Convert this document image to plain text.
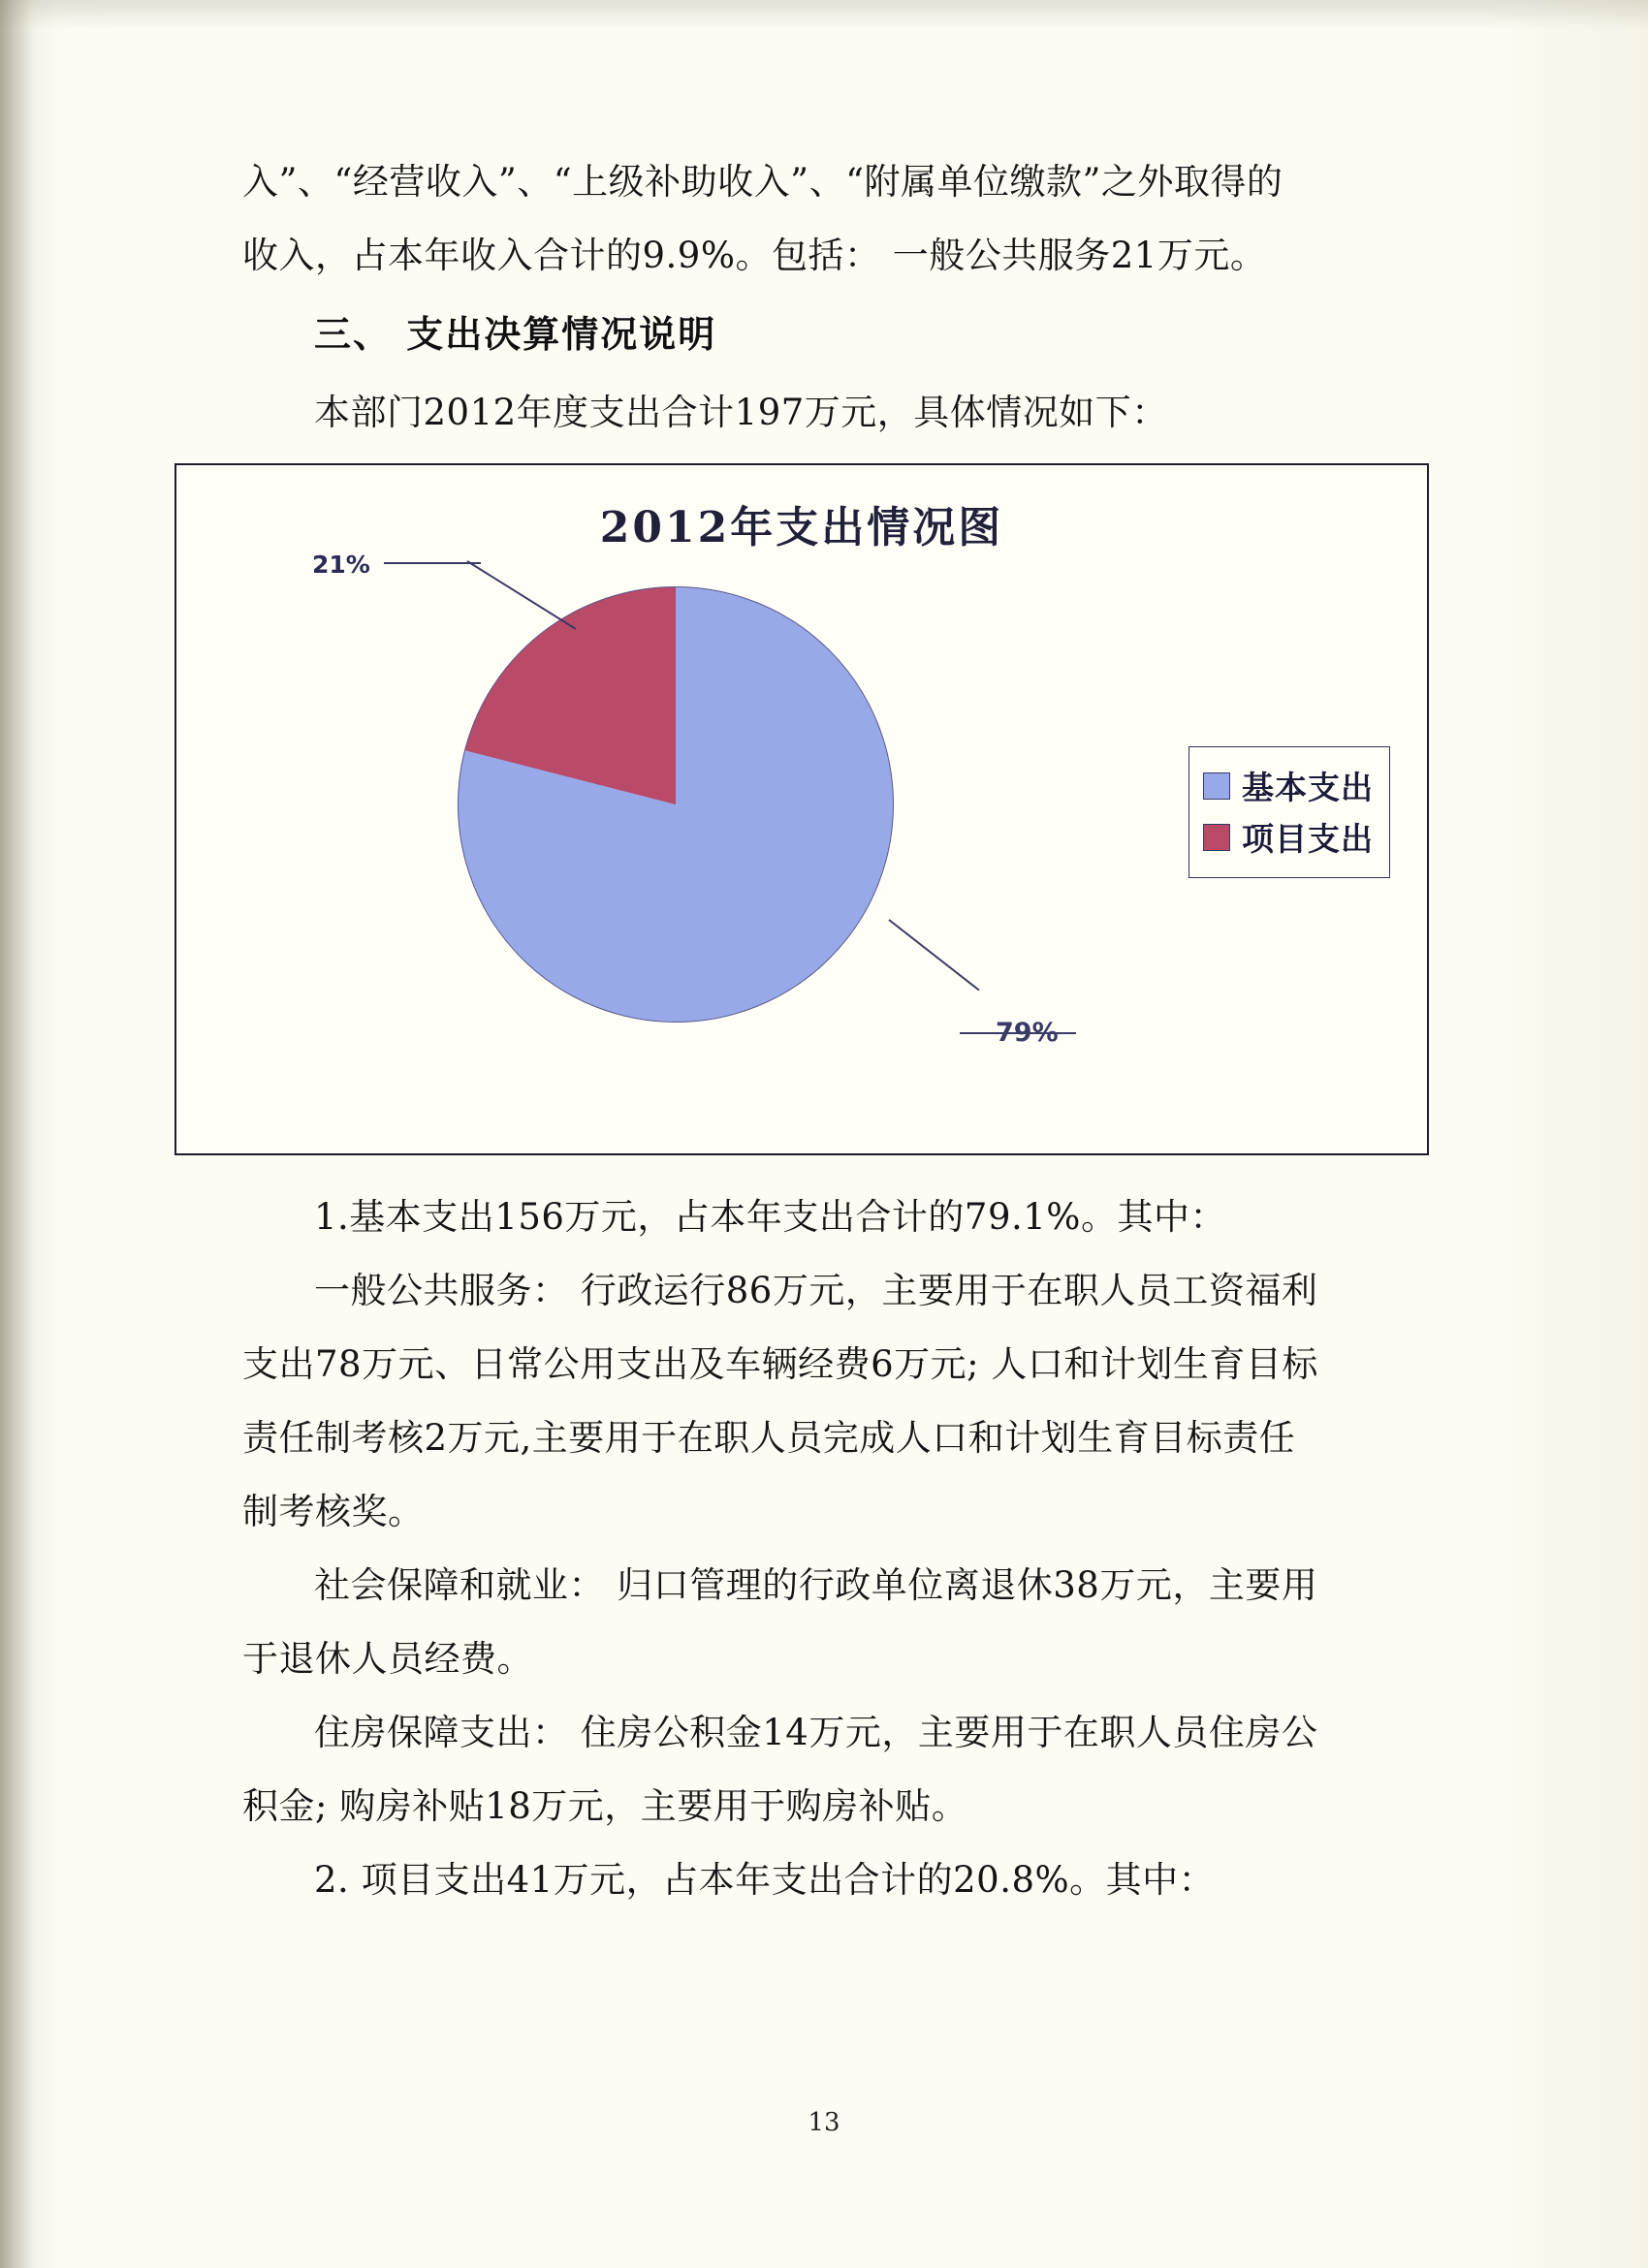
入”、“经营收入”、“上级补助收入”、“附属单位缴款”之外取得的

收入，占本年收入合计的9.9%。包括： 一般公共服务21万元。

三、 支出决算情况说明

本部门2012年度支出合计197万元，具体情况如下：

2012年支出情况图
21%
79%
基本支出
项目支出

1.基本支出156万元，占本年支出合计的79.1%。其中：

一般公共服务： 行政运行86万元，主要用于在职人员工资福利

支出78万元、日常公用支出及车辆经费6万元; 人口和计划生育目标

责任制考核2万元,主要用于在职人员完成人口和计划生育目标责任

制考核奖。

社会保障和就业： 归口管理的行政单位离退休38万元，主要用

于退休人员经费。

住房保障支出： 住房公积金14万元，主要用于在职人员住房公

积金; 购房补贴18万元，主要用于购房补贴。

2. 项目支出41万元，占本年支出合计的20.8%。其中：

13
